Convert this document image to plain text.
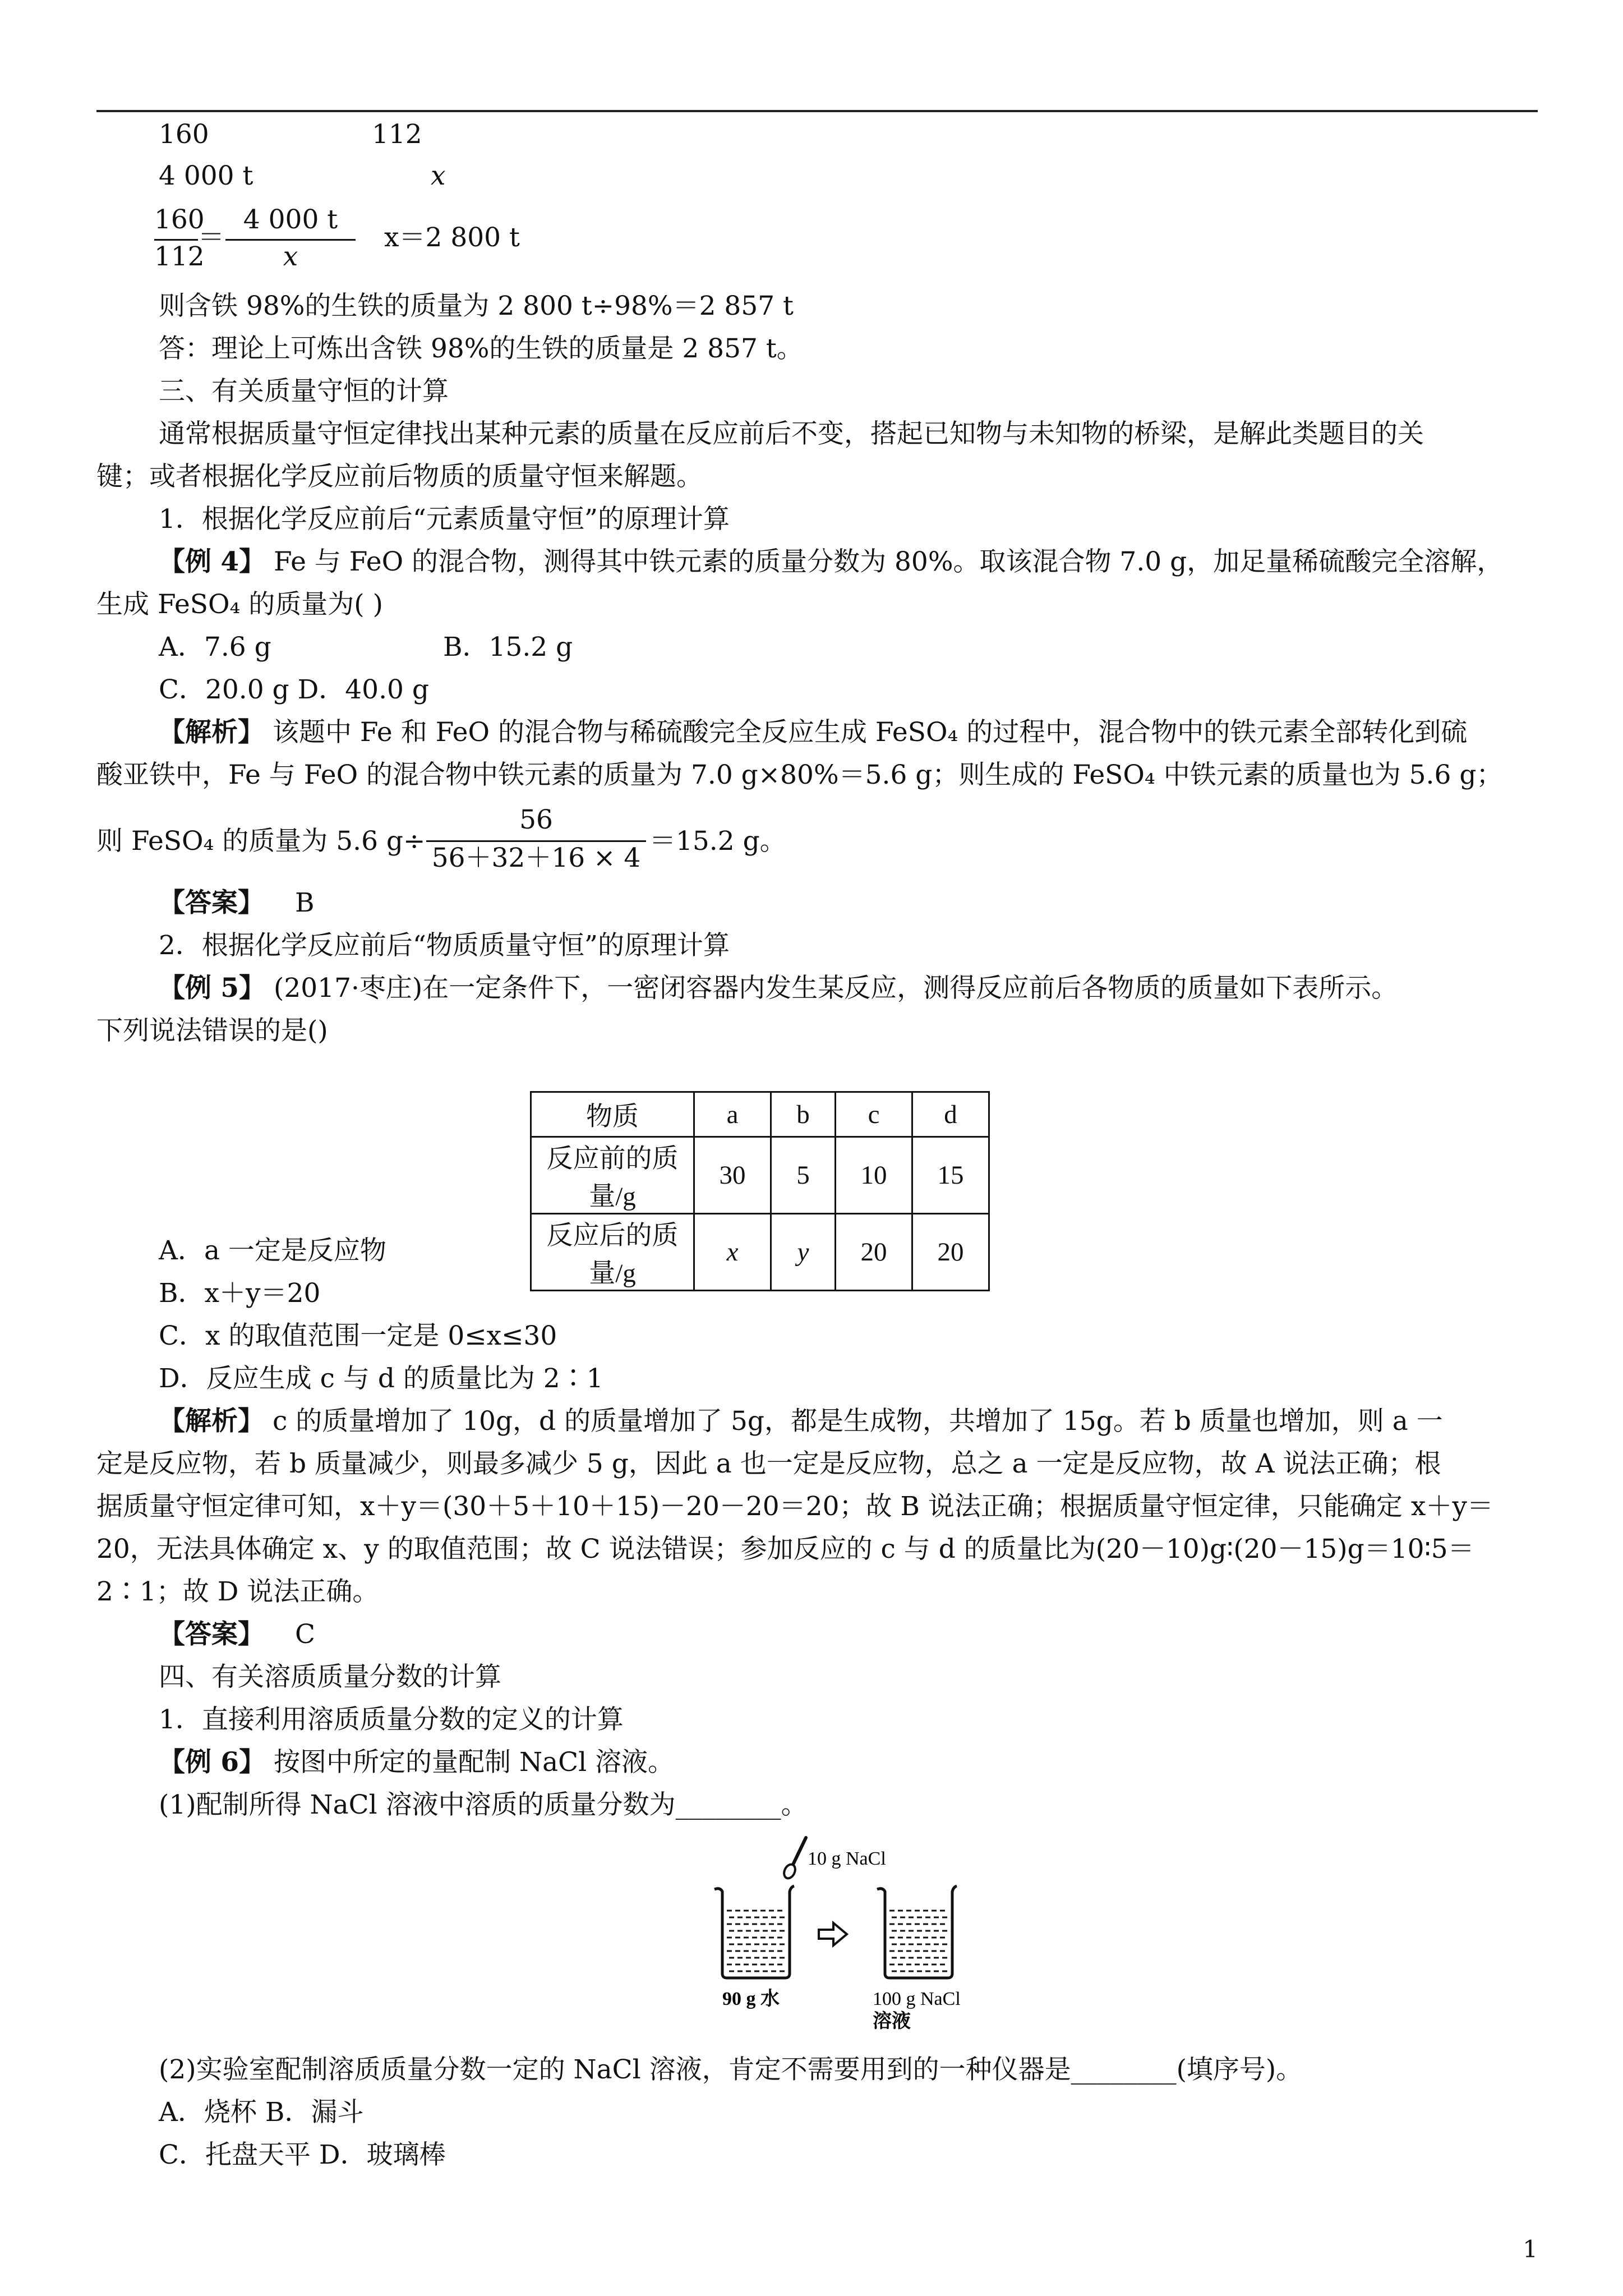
160	112
4 000 t	x
160
112
＝
4 000 t
x
x＝2 800 t
则含铁 98%的生铁的质量为 2 800 t÷98%＝2 857 t
答：理论上可炼出含铁 98%的生铁的质量是 2 857 t。
三、有关质量守恒的计算
通常根据质量守恒定律找出某种元素的质量在反应前后不变，搭起已知物与未知物的桥梁，是解此类题目的关
键；或者根据化学反应前后物质的质量守恒来解题。
1．根据化学反应前后“元素质量守恒”的原理计算
【例 4】 Fe 与 FeO 的混合物，测得其中铁元素的质量分数为 80%。取该混合物 7.0 g，加足量稀硫酸完全溶解，
生成 FeSO₄ 的质量为( )
A．7.6 g	B．15.2 g
C．20.0 g D．40.0 g
【解析】 该题中 Fe 和 FeO 的混合物与稀硫酸完全反应生成 FeSO₄ 的过程中，混合物中的铁元素全部转化到硫
酸亚铁中，Fe 与 FeO 的混合物中铁元素的质量为 7.0 g×80%＝5.6 g；则生成的 FeSO₄ 中铁元素的质量也为 5.6 g；
则 FeSO₄ 的质量为 5.6 g÷
56
56＋32＋16 × 4
＝15.2 g。
【答案】 B
2．根据化学反应前后“物质质量守恒”的原理计算
【例 5】 (2017·枣庄)在一定条件下，一密闭容器内发生某反应，测得反应前后各物质的质量如下表所示。
下列说法错误的是()
物质	a	b	c	d
反应前的质量/g	30	5	10	15
反应后的质量/g	x	y	20	20
A．a 一定是反应物
B．x＋y＝20
C．x 的取值范围一定是 0≤x≤30
D．反应生成 c 与 d 的质量比为 2∶1
【解析】 c 的质量增加了 10g，d 的质量增加了 5g，都是生成物，共增加了 15g。若 b 质量也增加，则 a 一
定是反应物，若 b 质量减少，则最多减少 5 g，因此 a 也一定是反应物，总之 a 一定是反应物，故 A 说法正确；根
据质量守恒定律可知，x＋y＝(30＋5＋10＋15)－20－20＝20；故 B 说法正确；根据质量守恒定律，只能确定 x＋y＝
20，无法具体确定 x、y 的取值范围；故 C 说法错误；参加反应的 c 与 d 的质量比为(20－10)g∶(20－15)g＝10∶5＝
2∶1；故 D 说法正确。
【答案】 C
四、有关溶质质量分数的计算
1．直接利用溶质质量分数的定义的计算
【例 6】 按图中所定的量配制 NaCl 溶液。
(1)配制所得 NaCl 溶液中溶质的质量分数为________。
10 g NaCl
90 g 水	100 g NaCl
溶液
(2)实验室配制溶质质量分数一定的 NaCl 溶液，肯定不需要用到的一种仪器是________(填序号)。
A．烧杯 B．漏斗
C．托盘天平 D．玻璃棒
1
